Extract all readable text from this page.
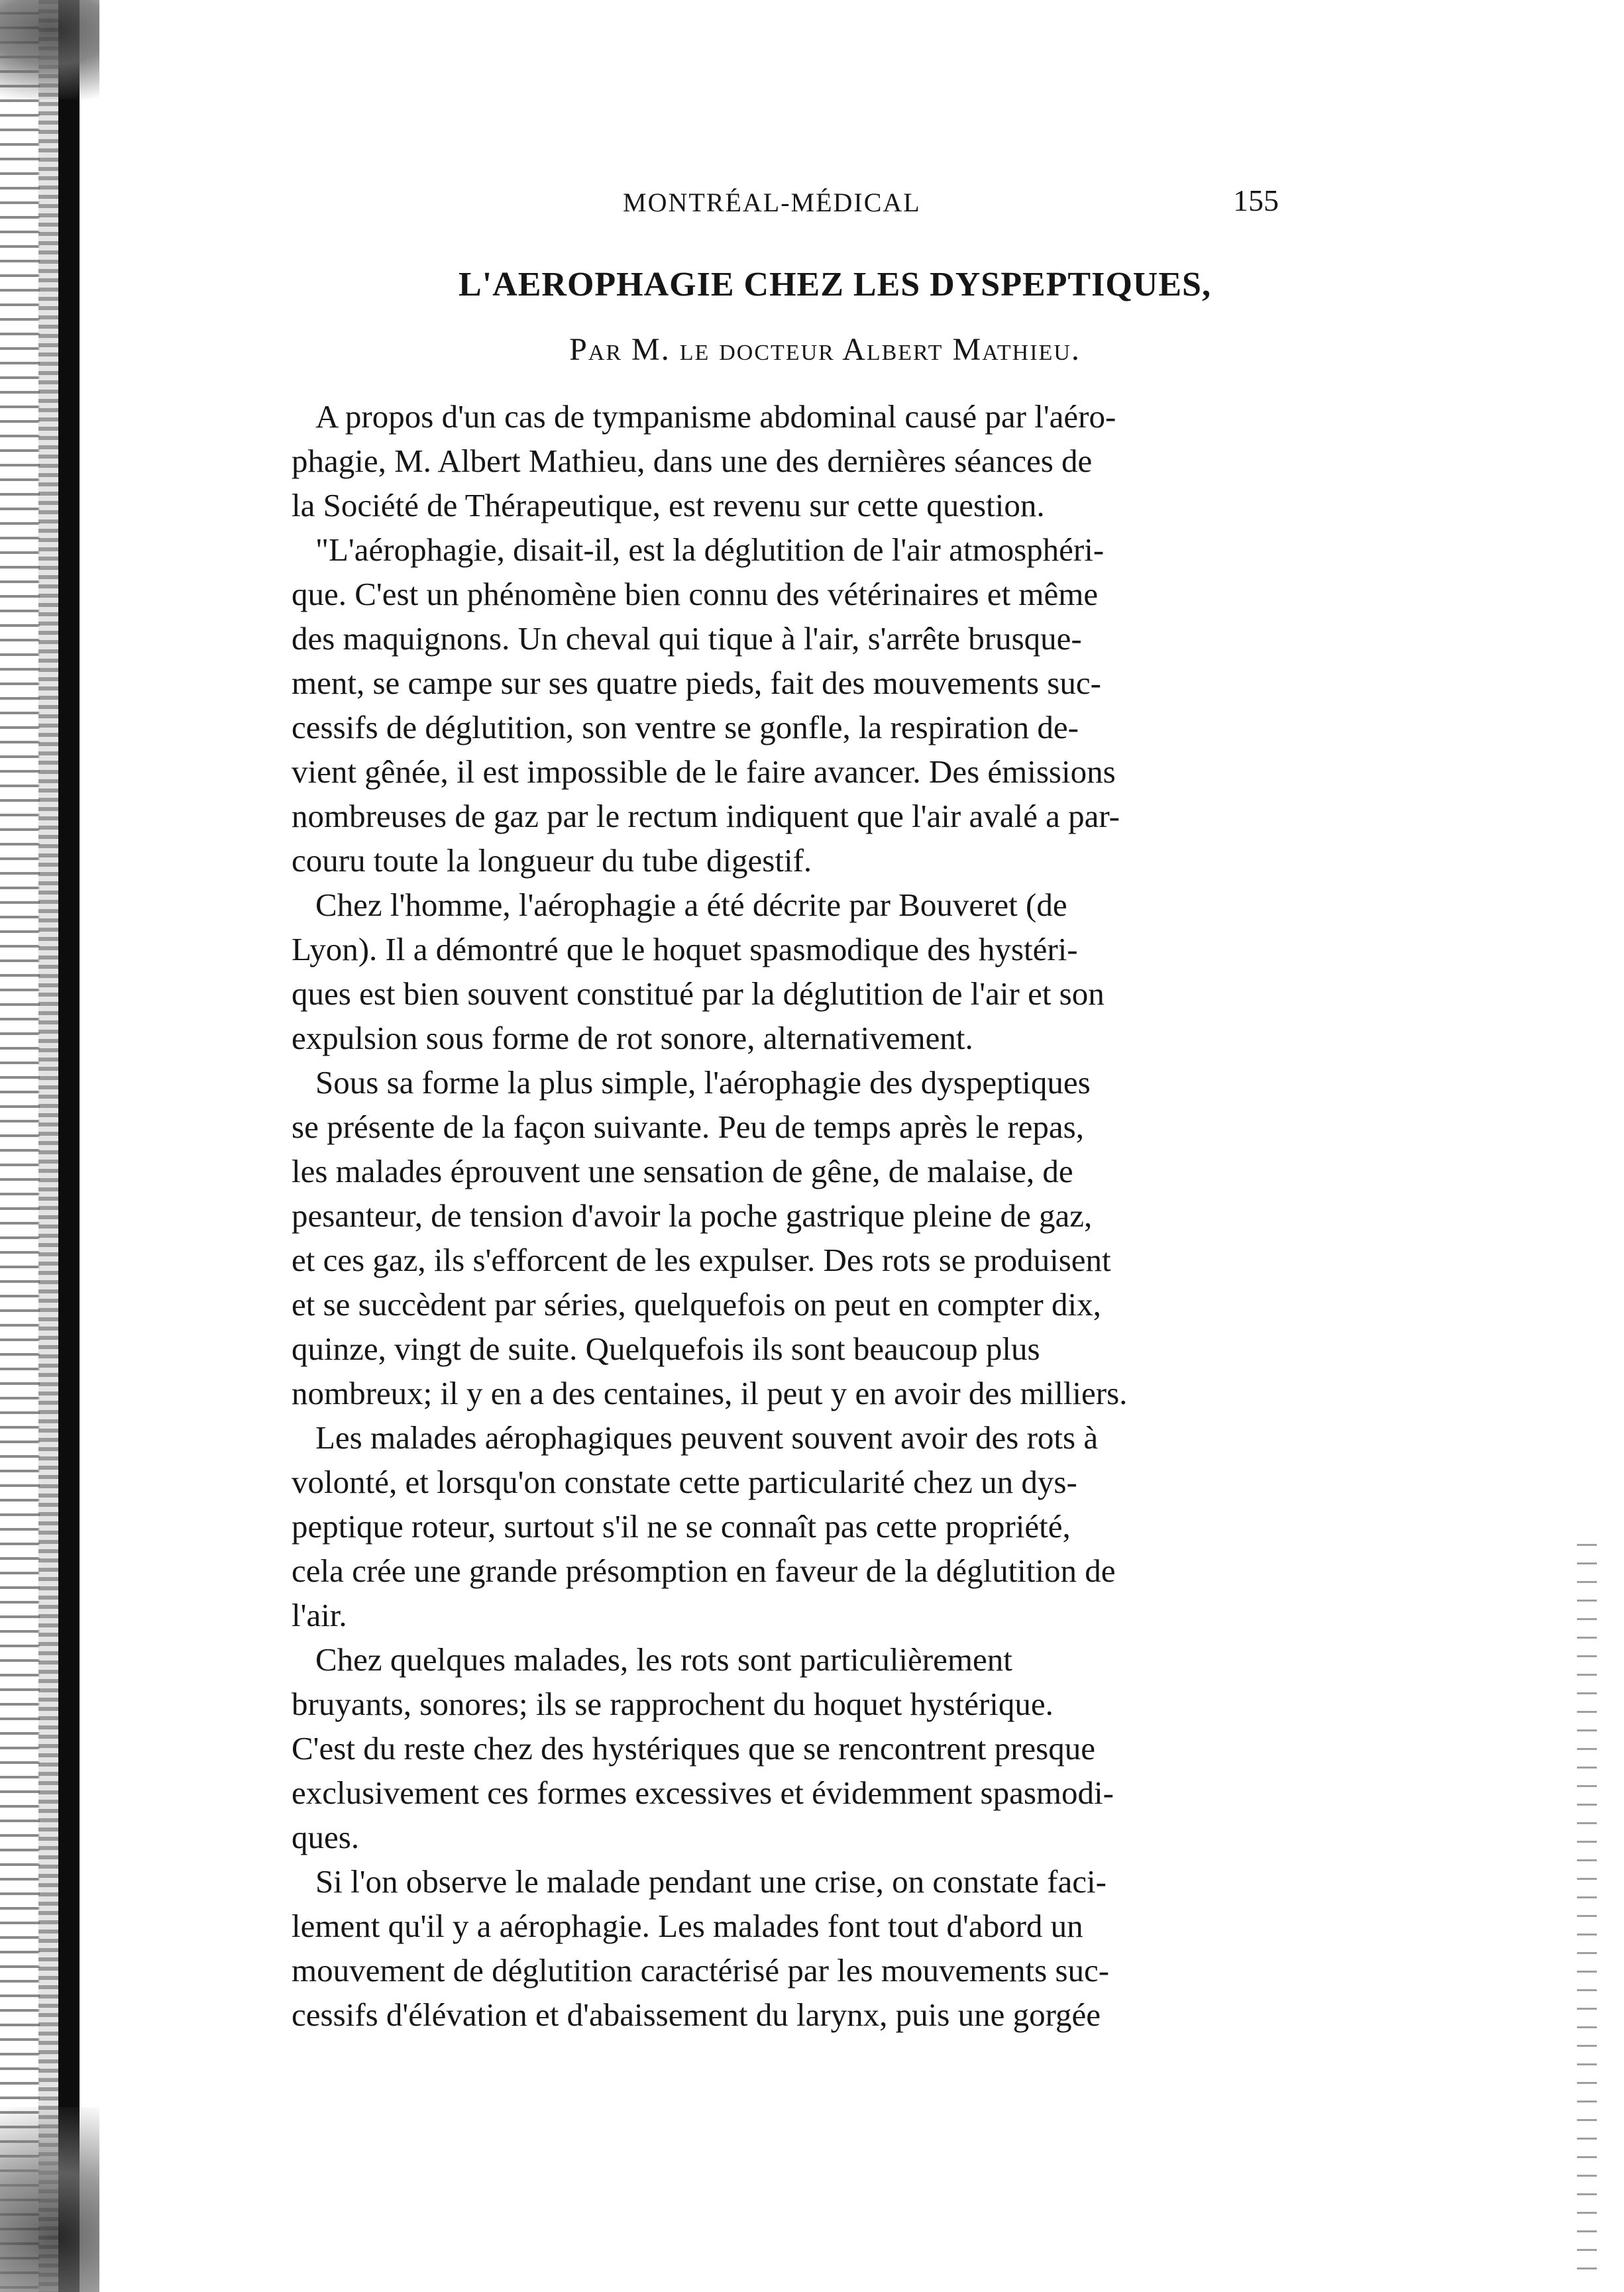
MONTRÉAL-MÉDICAL	155
L'AEROPHAGIE CHEZ LES DYSPEPTIQUES,
Par M. le docteur Albert Mathieu.

A propos d'un cas de tympanisme abdominal causé par l'aéro-
phagie, M. Albert Mathieu, dans une des dernières séances de
la Société de Thérapeutique, est revenu sur cette question.

"L'aérophagie, disait-il, est la déglutition de l'air atmosphéri-
que. C'est un phénomène bien connu des vétérinaires et même
des maquignons. Un cheval qui tique à l'air, s'arrête brusque-
ment, se campe sur ses quatre pieds, fait des mouvements suc-
cessifs de déglutition, son ventre se gonfle, la respiration de-
vient gênée, il est impossible de le faire avancer. Des émissions
nombreuses de gaz par le rectum indiquent que l'air avalé a par-
couru toute la longueur du tube digestif.

Chez l'homme, l'aérophagie a été décrite par Bouveret (de
Lyon). Il a démontré que le hoquet spasmodique des hystéri-
ques est bien souvent constitué par la déglutition de l'air et son
expulsion sous forme de rot sonore, alternativement.

Sous sa forme la plus simple, l'aérophagie des dyspeptiques
se présente de la façon suivante. Peu de temps après le repas,
les malades éprouvent une sensation de gêne, de malaise, de
pesanteur, de tension d'avoir la poche gastrique pleine de gaz,
et ces gaz, ils s'efforcent de les expulser. Des rots se produisent
et se succèdent par séries, quelquefois on peut en compter dix,
quinze, vingt de suite. Quelquefois ils sont beaucoup plus
nombreux; il y en a des centaines, il peut y en avoir des milliers.

Les malades aérophagiques peuvent souvent avoir des rots à
volonté, et lorsqu'on constate cette particularité chez un dys-
peptique roteur, surtout s'il ne se connaît pas cette propriété,
cela crée une grande présomption en faveur de la déglutition de
l'air.

Chez quelques malades, les rots sont particulièrement
bruyants, sonores; ils se rapprochent du hoquet hystérique.
C'est du reste chez des hystériques que se rencontrent presque
exclusivement ces formes excessives et évidemment spasmodi-
ques.

Si l'on observe le malade pendant une crise, on constate faci-
lement qu'il y a aérophagie. Les malades font tout d'abord un
mouvement de déglutition caractérisé par les mouvements suc-
cessifs d'élévation et d'abaissement du larynx, puis une gorgée
